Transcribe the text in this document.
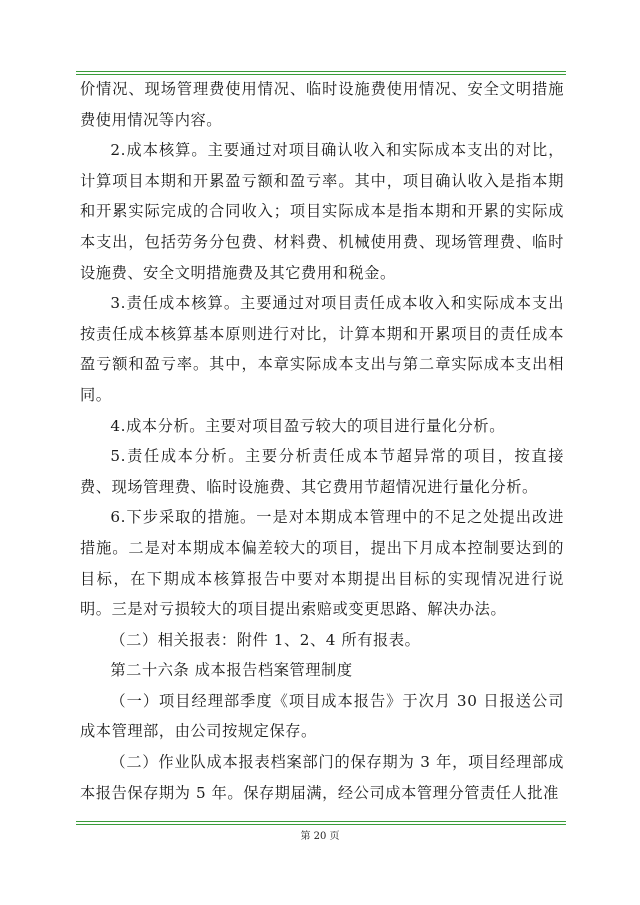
价情况、现场管理费使用情况、临时设施费使用情况、安全文明措施费使用情况等内容。

2.成本核算。主要通过对项目确认收入和实际成本支出的对比，计算项目本期和开累盈亏额和盈亏率。其中，项目确认收入是指本期和开累实际完成的合同收入；项目实际成本是指本期和开累的实际成本支出，包括劳务分包费、材料费、机械使用费、现场管理费、临时设施费、安全文明措施费及其它费用和税金。

3.责任成本核算。主要通过对项目责任成本收入和实际成本支出按责任成本核算基本原则进行对比，计算本期和开累项目的责任成本盈亏额和盈亏率。其中，本章实际成本支出与第二章实际成本支出相同。

4.成本分析。主要对项目盈亏较大的项目进行量化分析。

5.责任成本分析。主要分析责任成本节超异常的项目，按直接费、现场管理费、临时设施费、其它费用节超情况进行量化分析。

6.下步采取的措施。一是对本期成本管理中的不足之处提出改进措施。二是对本期成本偏差较大的项目，提出下月成本控制要达到的目标，在下期成本核算报告中要对本期提出目标的实现情况进行说明。三是对亏损较大的项目提出索赔或变更思路、解决办法。

（二）相关报表：附件 1、2、4 所有报表。

第二十六条 成本报告档案管理制度

（一）项目经理部季度《项目成本报告》于次月 30 日报送公司成本管理部，由公司按规定保存。

（二）作业队成本报表档案部门的保存期为 3 年，项目经理部成本报告保存期为 5 年。保存期届满，经公司成本管理分管责任人批准

第 20 页
